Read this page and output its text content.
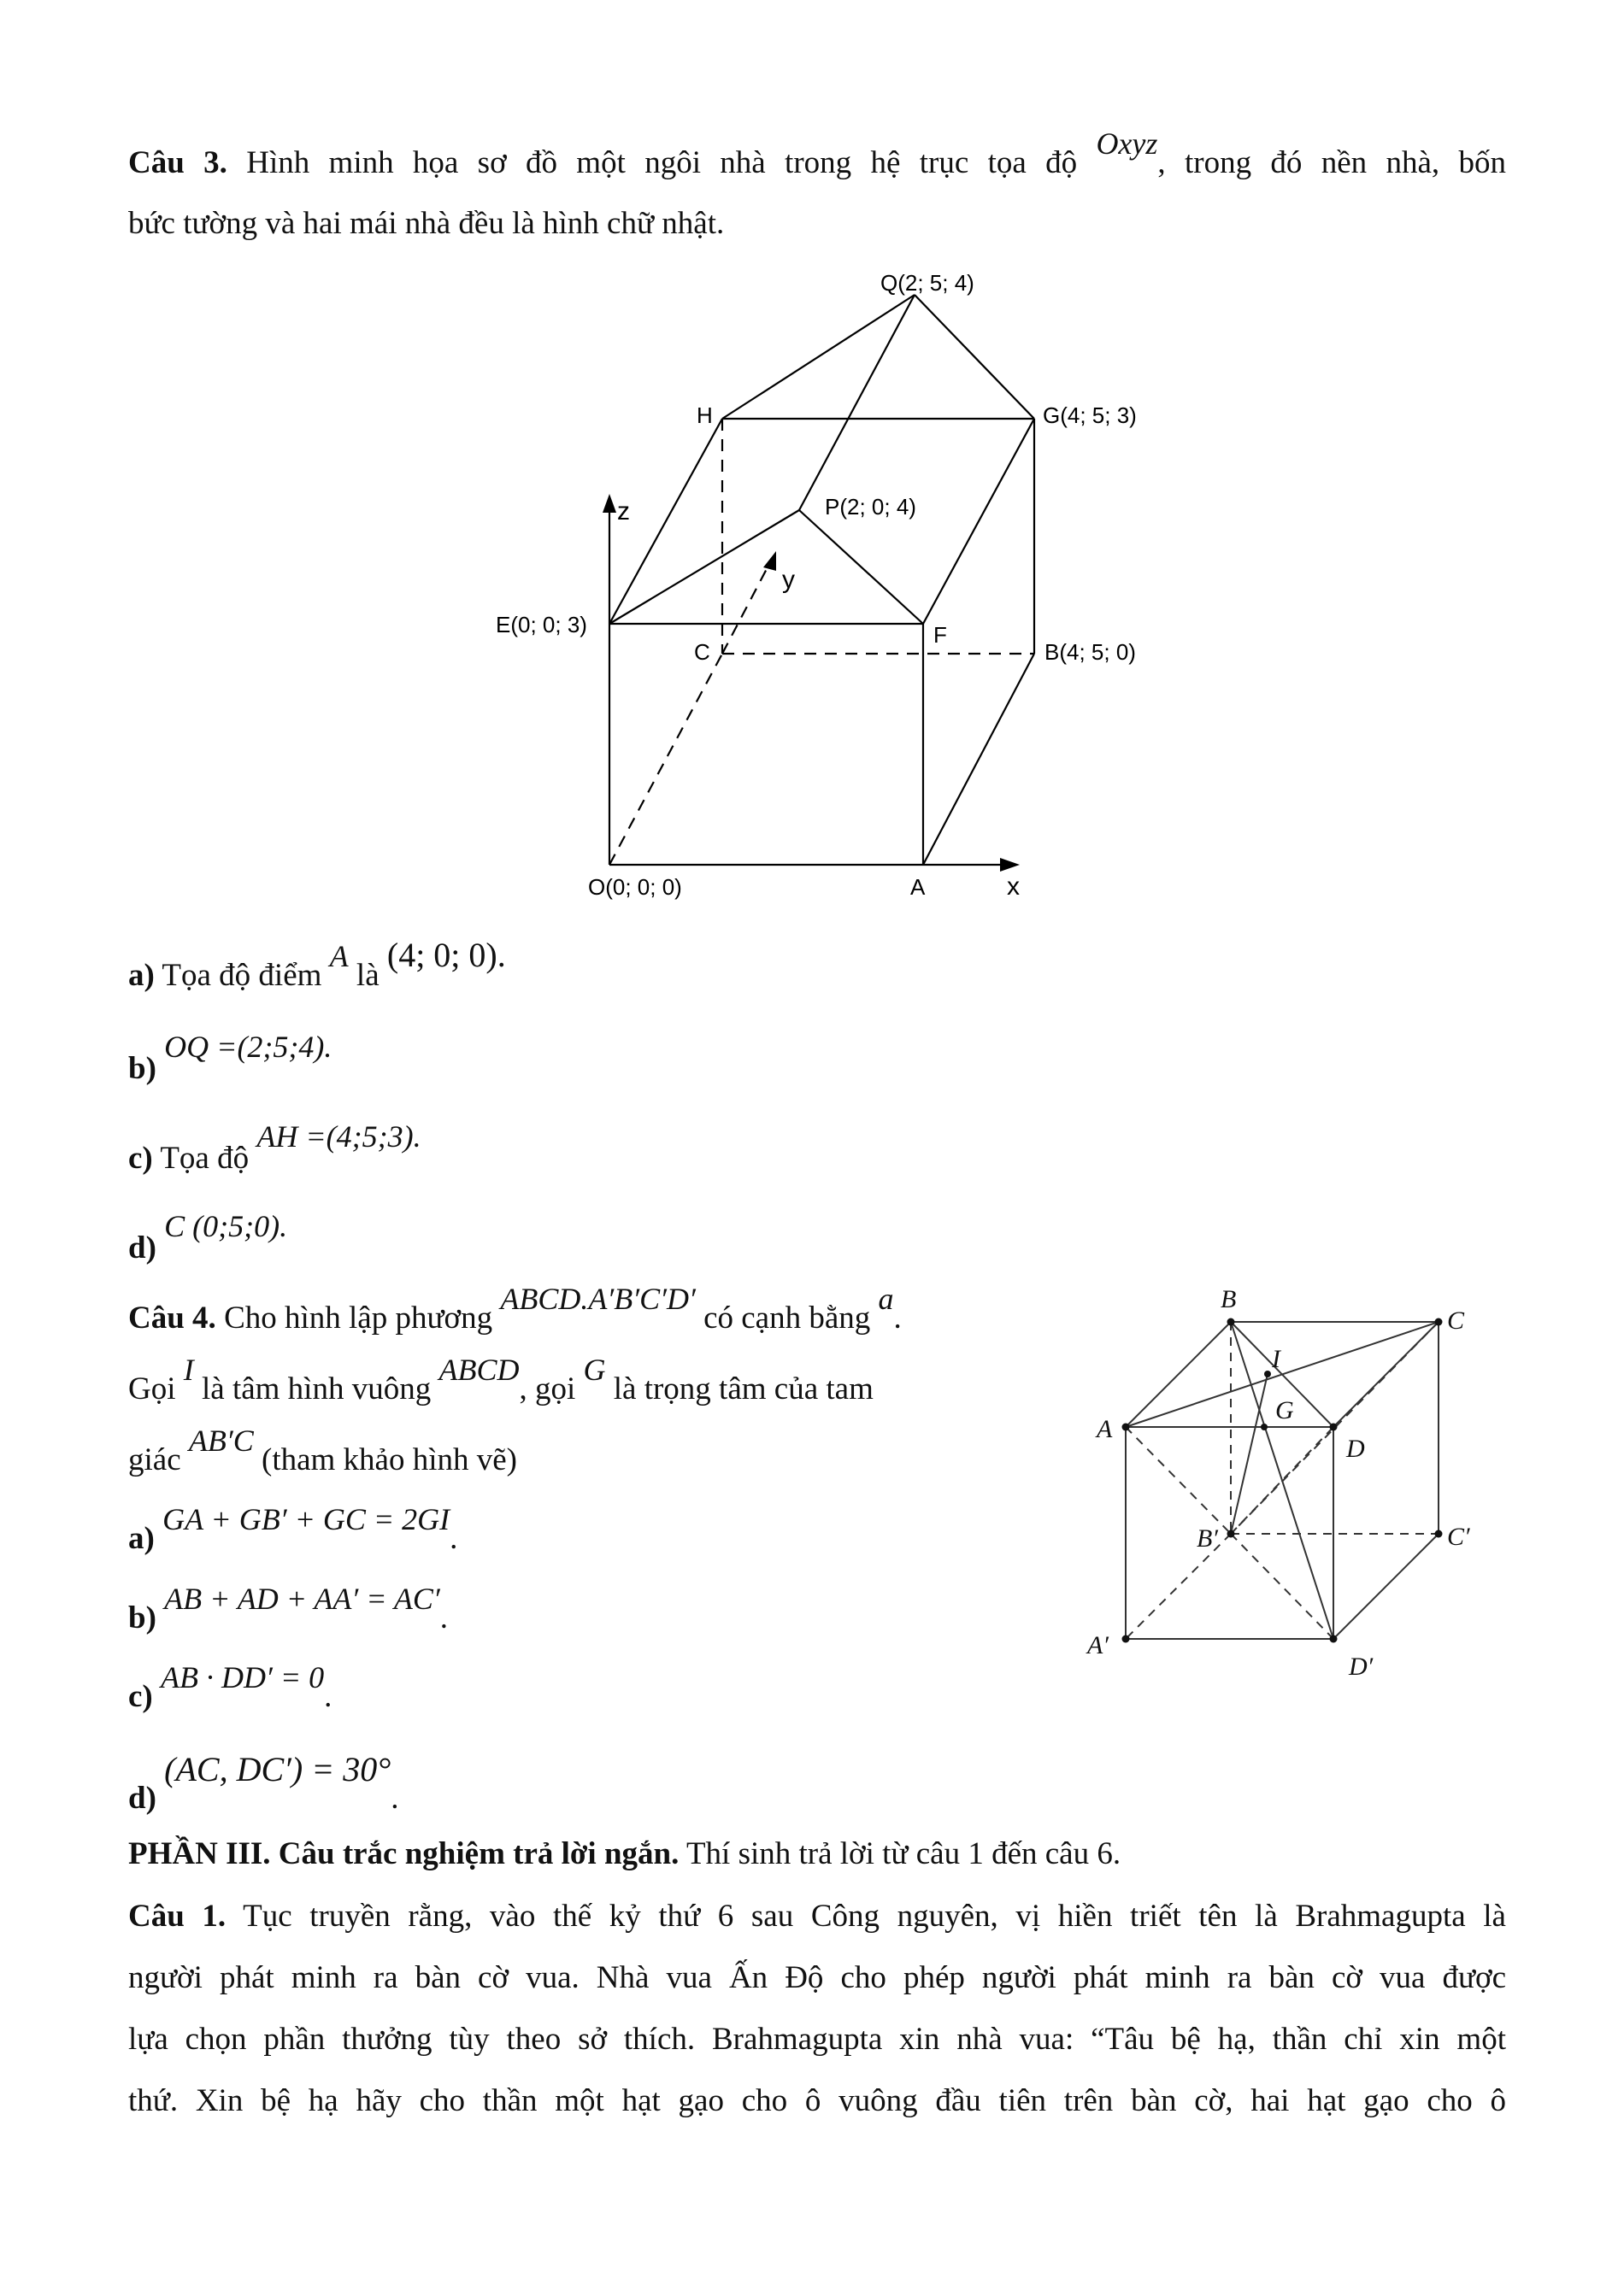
Câu 3. Hình minh họa sơ đồ một ngôi nhà trong hệ trục tọa độ Oxyz, trong đó nền nhà, bốn
bức tường và hai mái nhà đều là hình chữ nhật.
Q(2; 5; 4)
H	G(4; 5; 3)
z	P(2; 0; 4)
y
E(0; 0; 3)
C
F
B(4; 5; 0)
O(0; 0; 0)	A	x
a) Tọa độ điểm A là (4; 0; 0).
b) OQ =(2;5;4).
c) Tọa độ AH =(4;5;3).
d) C (0;5;0).
Câu 4. Cho hình lập phương ABCD.A′B′C′D′ có cạnh bằng a.
Gọi I là tâm hình vuông ABCD, gọi G là trọng tâm của tam
giác AB′C (tham khảo hình vẽ)
a) GA + GB′ + GC = 2GI.
b) AB + AD + AA′ = AC′.
c) AB · DD′ = 0.
d) (AC, DC′) = 30°.
B
C
I
A
G
D
B′	C′
A′
D′
PHẦN III. Câu trắc nghiệm trả lời ngắn. Thí sinh trả lời từ câu 1 đến câu 6.
Câu 1. Tục truyền rằng, vào thế kỷ thứ 6 sau Công nguyên, vị hiền triết tên là Brahmagupta là
người phát minh ra bàn cờ vua. Nhà vua Ấn Độ cho phép người phát minh ra bàn cờ vua được
lựa chọn phần thưởng tùy theo sở thích. Brahmagupta xin nhà vua: “Tâu bệ hạ, thần chỉ xin một
thứ. Xin bệ hạ hãy cho thần một hạt gạo cho ô vuông đầu tiên trên bàn cờ, hai hạt gạo cho ô
